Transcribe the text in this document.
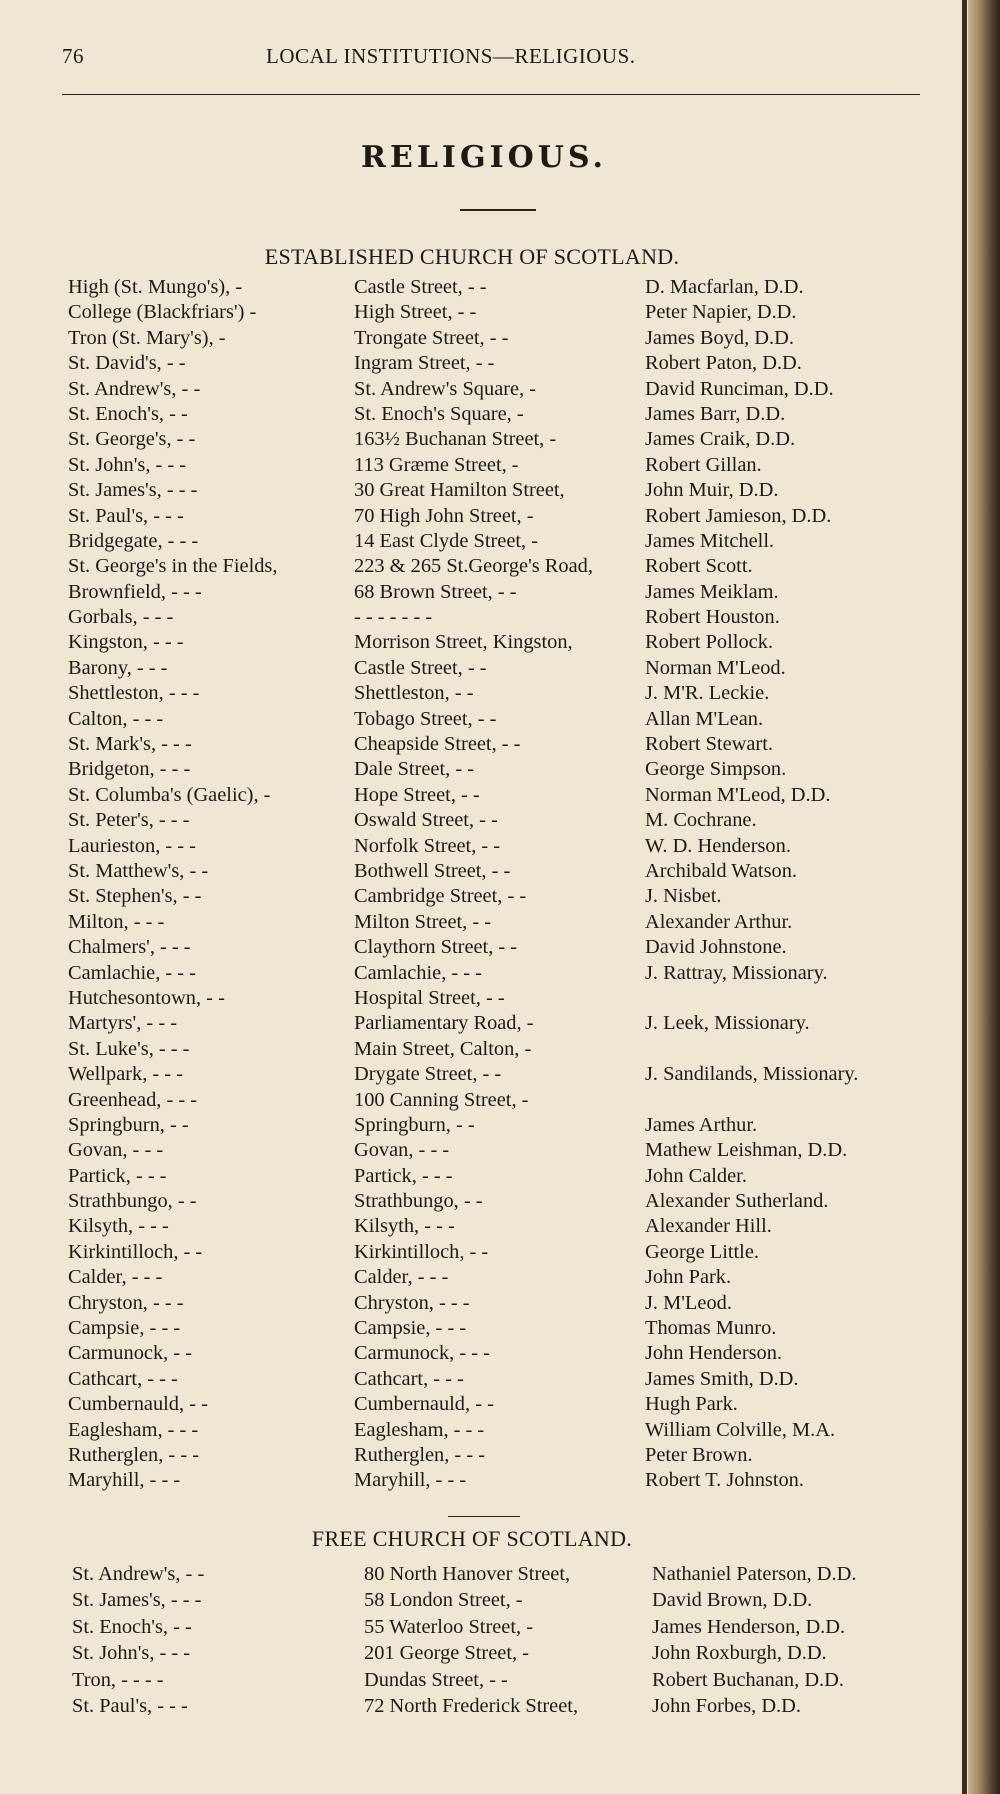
76	LOCAL INSTITUTIONS—RELIGIOUS.
RELIGIOUS.
ESTABLISHED CHURCH OF SCOTLAND.
High (St. Mungo's), -	Castle Street, - -	D. Macfarlan, D.D.
College (Blackfriars') -	High Street, - -	Peter Napier, D.D.
Tron (St. Mary's), -	Trongate Street, - -	James Boyd, D.D.
St. David's, - -	Ingram Street, - -	Robert Paton, D.D.
St. Andrew's, - -	St. Andrew's Square, -	David Runciman, D.D.
St. Enoch's, - -	St. Enoch's Square, -	James Barr, D.D.
St. George's, - -	163½ Buchanan Street, -	James Craik, D.D.
St. John's, - - -	113 Græme Street, -	Robert Gillan.
St. James's, - - -	30 Great Hamilton Street,	John Muir, D.D.
St. Paul's, - - -	70 High John Street, -	Robert Jamieson, D.D.
Bridgegate, - - -	14 East Clyde Street, -	James Mitchell.
St. George's in the Fields,	223 & 265 St.George's Road,	Robert Scott.
Brownfield, - - -	68 Brown Street, - -	James Meiklam.
Gorbals, - - -	- - - - - - -	Robert Houston.
Kingston, - - -	Morrison Street, Kingston,	Robert Pollock.
Barony, - - -	Castle Street, - -	Norman M'Leod.
Shettleston, - - -	Shettleston, - -	J. M'R. Leckie.
Calton, - - -	Tobago Street, - -	Allan M'Lean.
St. Mark's, - - -	Cheapside Street, - -	Robert Stewart.
Bridgeton, - - -	Dale Street, - -	George Simpson.
St. Columba's (Gaelic), -	Hope Street, - -	Norman M'Leod, D.D.
St. Peter's, - - -	Oswald Street, - -	M. Cochrane.
Laurieston, - - -	Norfolk Street, - -	W. D. Henderson.
St. Matthew's, - -	Bothwell Street, - -	Archibald Watson.
St. Stephen's, - -	Cambridge Street, - -	J. Nisbet.
Milton, - - -	Milton Street, - -	Alexander Arthur.
Chalmers', - - -	Claythorn Street, - -	David Johnstone.
Camlachie, - - -	Camlachie, - - -	J. Rattray, Missionary.
Hutchesontown, - -	Hospital Street, - -
Martyrs', - - -	Parliamentary Road, -	J. Leek, Missionary.
St. Luke's, - - -	Main Street, Calton, -
Wellpark, - - -	Drygate Street, - -	J. Sandilands, Missionary.
Greenhead, - - -	100 Canning Street, -
Springburn, - -	Springburn, - -	James Arthur.
Govan, - - -	Govan, - - -	Mathew Leishman, D.D.
Partick, - - -	Partick, - - -	John Calder.
Strathbungo, - -	Strathbungo, - -	Alexander Sutherland.
Kilsyth, - - -	Kilsyth, - - -	Alexander Hill.
Kirkintilloch, - -	Kirkintilloch, - -	George Little.
Calder, - - -	Calder, - - -	John Park.
Chryston, - - -	Chryston, - - -	J. M'Leod.
Campsie, - - -	Campsie, - - -	Thomas Munro.
Carmunock, - -	Carmunock, - - -	John Henderson.
Cathcart, - - -	Cathcart, - - -	James Smith, D.D.
Cumbernauld, - -	Cumbernauld, - -	Hugh Park.
Eaglesham, - - -	Eaglesham, - - -	William Colville, M.A.
Rutherglen, - - -	Rutherglen, - - -	Peter Brown.
Maryhill, - - -	Maryhill, - - -	Robert T. Johnston.
FREE CHURCH OF SCOTLAND.
St. Andrew's, - -	80 North Hanover Street,	Nathaniel Paterson, D.D.
St. James's, - - -	58 London Street, -	David Brown, D.D.
St. Enoch's, - -	55 Waterloo Street, -	James Henderson, D.D.
St. John's, - - -	201 George Street, -	John Roxburgh, D.D.
Tron, - - - -	Dundas Street, - -	Robert Buchanan, D.D.
St. Paul's, - - -	72 North Frederick Street,	John Forbes, D.D.
